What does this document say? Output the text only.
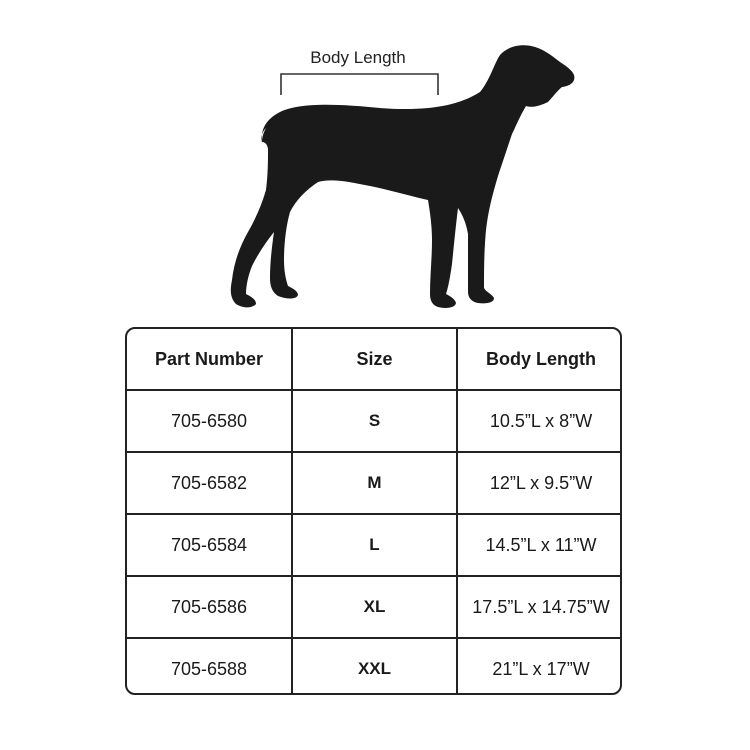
Body Length
Part Number	Size	Body Length
705-6580	S	10.5”L x 8”W
705-6582	M	12”L x 9.5”W
705-6584	L	14.5”L x 11”W
705-6586	XL	17.5”L x 14.75”W
705-6588	XXL	21”L x 17”W
